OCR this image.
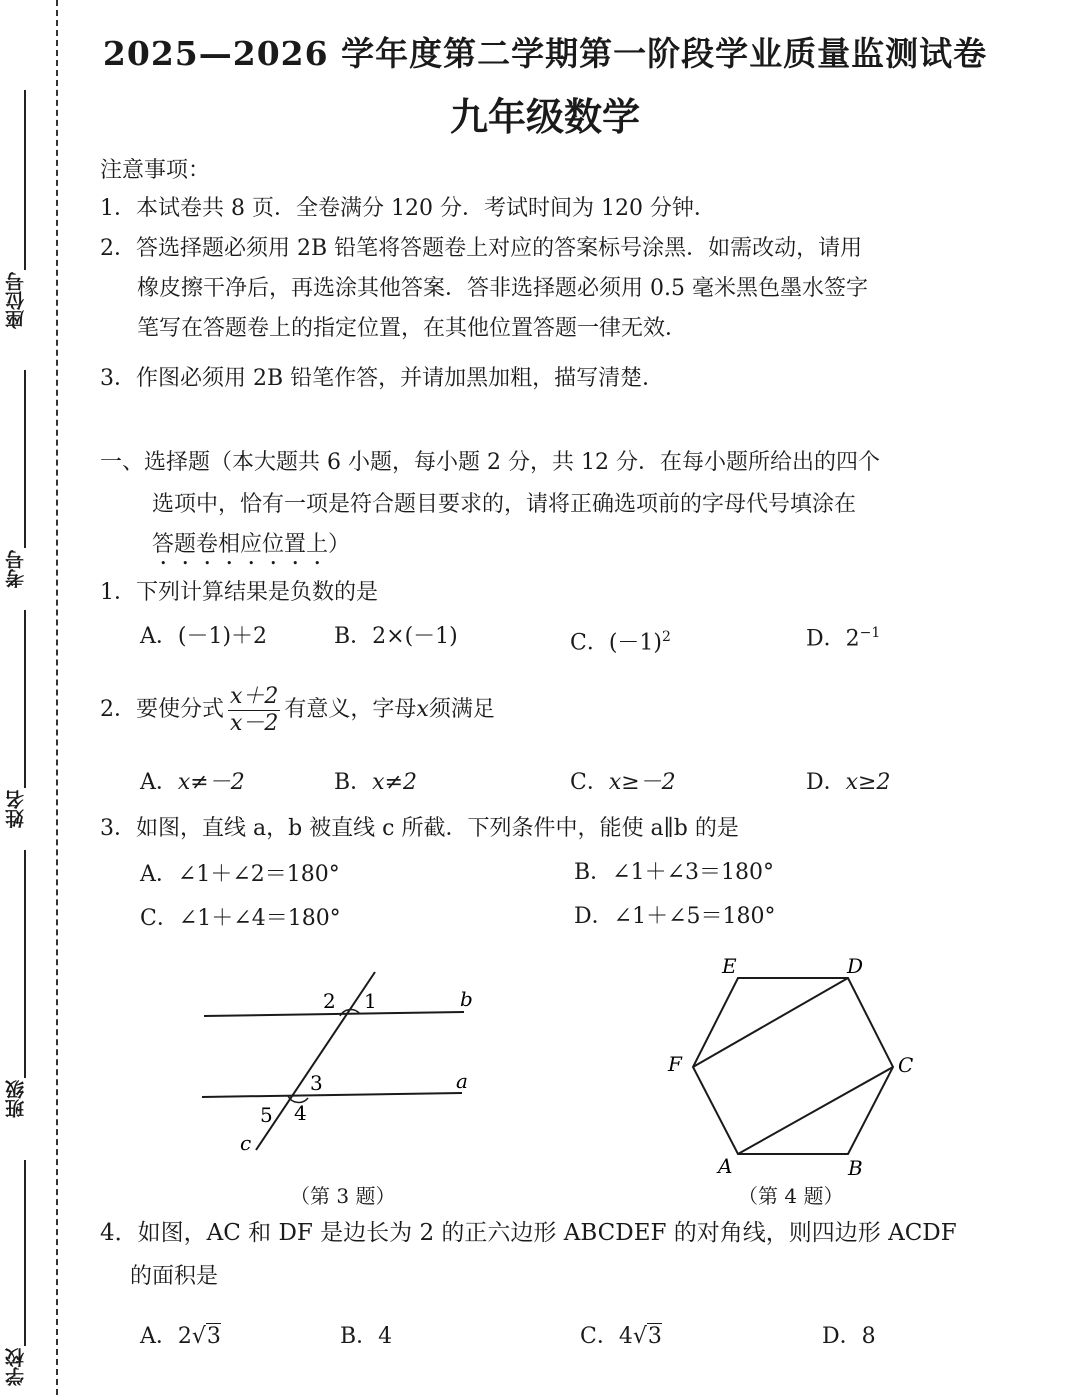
座位号
考号
姓名
班级
学校
2025—2026 学年度第二学期第一阶段学业质量监测试卷
九年级数学
注意事项：
1．本试卷共 8 页．全卷满分 120 分．考试时间为 120 分钟．
2．答选择题必须用 2B 铅笔将答题卷上对应的答案标号涂黑．如需改动，请用
橡皮擦干净后，再选涂其他答案．答非选择题必须用 0.5 毫米黑色墨水签字
笔写在答题卷上的指定位置，在其他位置答题一律无效．
3．作图必须用 2B 铅笔作答，并请加黑加粗，描写清楚．
一、选择题（本大题共 6 小题，每小题 2 分，共 12 分．在每小题所给出的四个
选项中，恰有一项是符合题目要求的，请将正确选项前的字母代号填涂在
答题卷相应位置上）
1．下列计算结果是负数的是
A．(－1)＋2	B．2×(－1)	C．$(-1)^2$	D．$2^{-1}$
2．要使分式 $\frac{x+2}{x-2}$ 有意义，字母x须满足
A．x≠－2	B．x≠2	C．x≥－2	D．x≥2
3．如图，直线 a，b 被直线 c 所截．下列条件中，能使 a∥b 的是
A．∠1＋∠2＝180°	B．∠1＋∠3＝180°
C．∠1＋∠4＝180°	D．∠1＋∠5＝180°
b
a
c
1
2
3
4
5
（第 3 题）
E	D
F	C
A	B
（第 4 题）
4．如图，AC 和 DF 是边长为 2 的正六边形 ABCDEF 的对角线，则四边形 ACDF
的面积是
A．2√3	B．4	C．4√3	D．8
